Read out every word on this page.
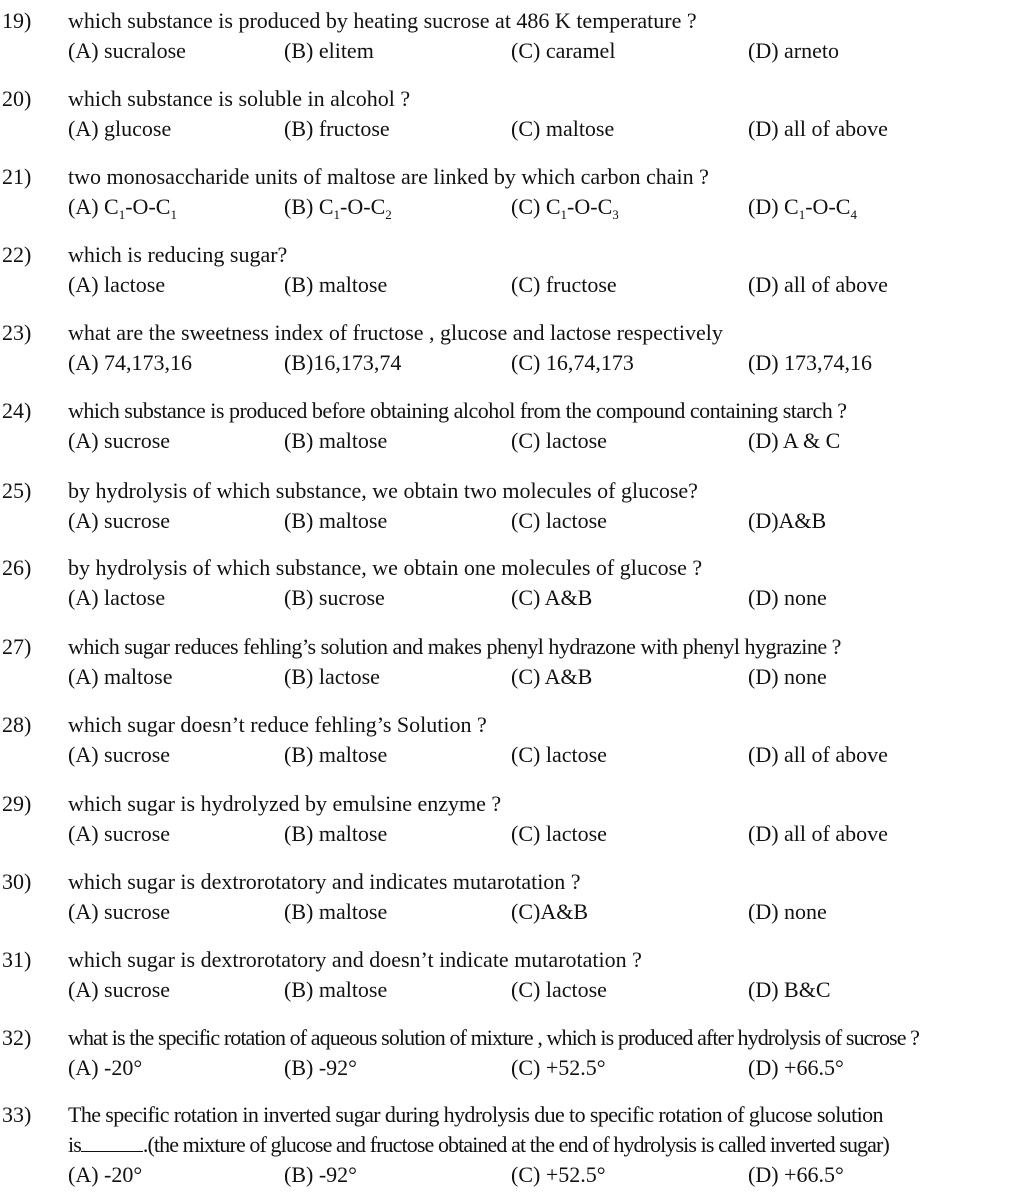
19) which substance is produced by heating sucrose at 486 K temperature ?
(A) sucralose	(B) elitem	(C) caramel	(D) arneto
20) which substance is soluble in alcohol ?
(A) glucose	(B) fructose	(C) maltose	(D) all of above
21) two monosaccharide units of maltose are linked by which carbon chain ?
(A) $C_1-O-C_1$	(B) $C_1-O-C_2$	(C) $C_1-O-C_3$	(D) $C_1-O-C_4$
22) which is reducing sugar?
(A) lactose	(B) maltose	(C) fructose	(D) all of above
23) what are the sweetness index of fructose , glucose and lactose respectively
(A) 74,173,16	(B)16,173,74	(C) 16,74,173	(D) 173,74,16
24) which substance is produced before obtaining alcohol from the compound containing starch ?
(A) sucrose	(B) maltose	(C) lactose	(D) A & C
25) by hydrolysis of which substance, we obtain two molecules of glucose?
(A) sucrose	(B) maltose	(C) lactose	(D)A&B
26) by hydrolysis of which substance, we obtain one molecules of glucose ?
(A) lactose	(B) sucrose	(C) A&B	(D) none
27) which sugar reduces fehling’s solution and makes phenyl hydrazone with phenyl hygrazine ?
(A) maltose	(B) lactose	(C) A&B	(D) none
28) which sugar doesn’t reduce fehling’s Solution ?
(A) sucrose	(B) maltose	(C) lactose	(D) all of above
29) which sugar is hydrolyzed by emulsine enzyme ?
(A) sucrose	(B) maltose	(C) lactose	(D) all of above
30) which sugar is dextrorotatory and indicates mutarotation ?
(A) sucrose	(B) maltose	(C)A&B	(D) none
31) which sugar is dextrorotatory and doesn’t indicate mutarotation ?
(A) sucrose	(B) maltose	(C) lactose	(D) B&C
32) what is the specific rotation of aqueous solution of mixture , which is produced after hydrolysis of sucrose ?
(A) -20°	(B) -92°	(C) +52.5°	(D) +66.5°
33) The specific rotation in inverted sugar during hydrolysis due to specific rotation of glucose solution
is	.(the mixture of glucose and fructose obtained at the end of hydrolysis is called inverted sugar)
(A) -20°	(B) -92°	(C) +52.5°	(D) +66.5°
